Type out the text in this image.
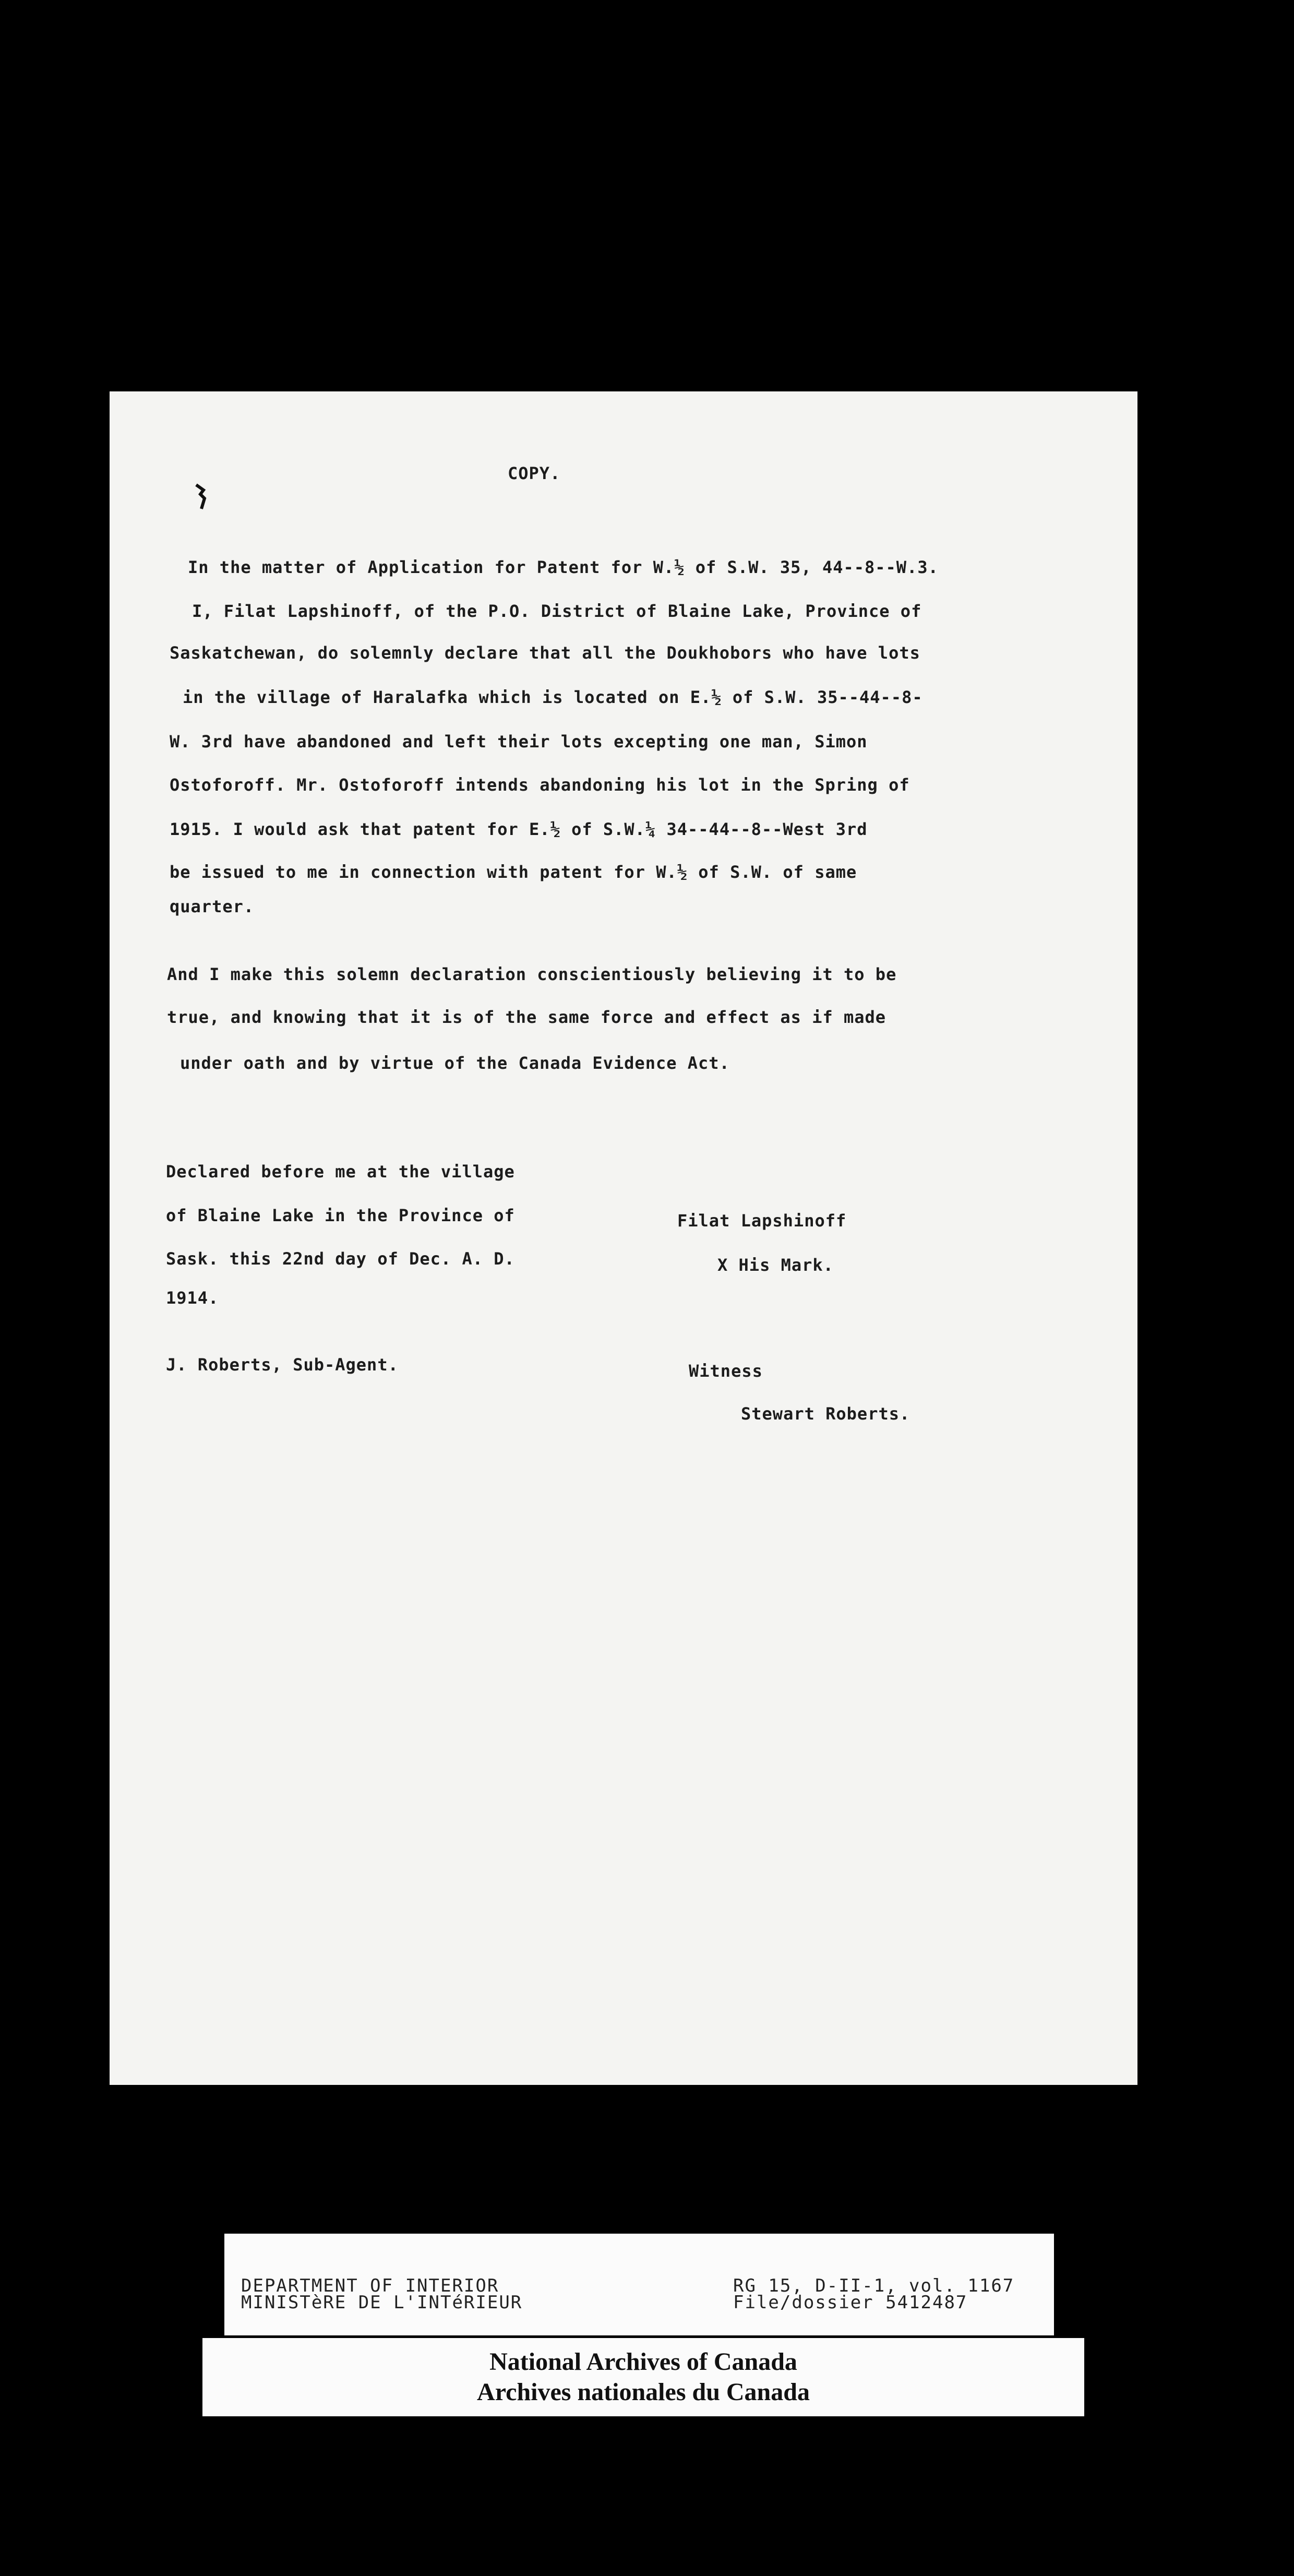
COPY.
In the matter of Application for Patent for W.½ of S.W. 35, 44--8--W.3.
I, Filat Lapshinoff, of the P.O. District of Blaine Lake, Province of
Saskatchewan, do solemnly declare that all the Doukhobors who have lots
in the village of Haralafka which is located on E.½ of S.W. 35--44--8-
W. 3rd have abandoned and left their lots excepting one man, Simon
Ostoforoff. Mr. Ostoforoff intends abandoning his lot in the Spring of
1915. I would ask that patent for E.½ of S.W.¼ 34--44--8--West 3rd
be issued to me in connection with patent for W.½ of S.W. of same
quarter.
And I make this solemn declaration conscientiously believing it to be
true, and knowing that it is of the same force and effect as if made
under oath and by virtue of the Canada Evidence Act.
Declared before me at the village
of Blaine Lake in the Province of
Sask. this 22nd day of Dec. A. D.
1914.
Filat Lapshinoff
X His Mark.
J. Roberts, Sub-Agent.	Witness
Stewart Roberts.
DEPARTMENT OF INTERIOR
MINISTèRE DE L'INTéRIEUR
RG 15, D-II-1, vol. 1167
File/dossier 5412487
National Archives of Canada
Archives nationales du Canada
